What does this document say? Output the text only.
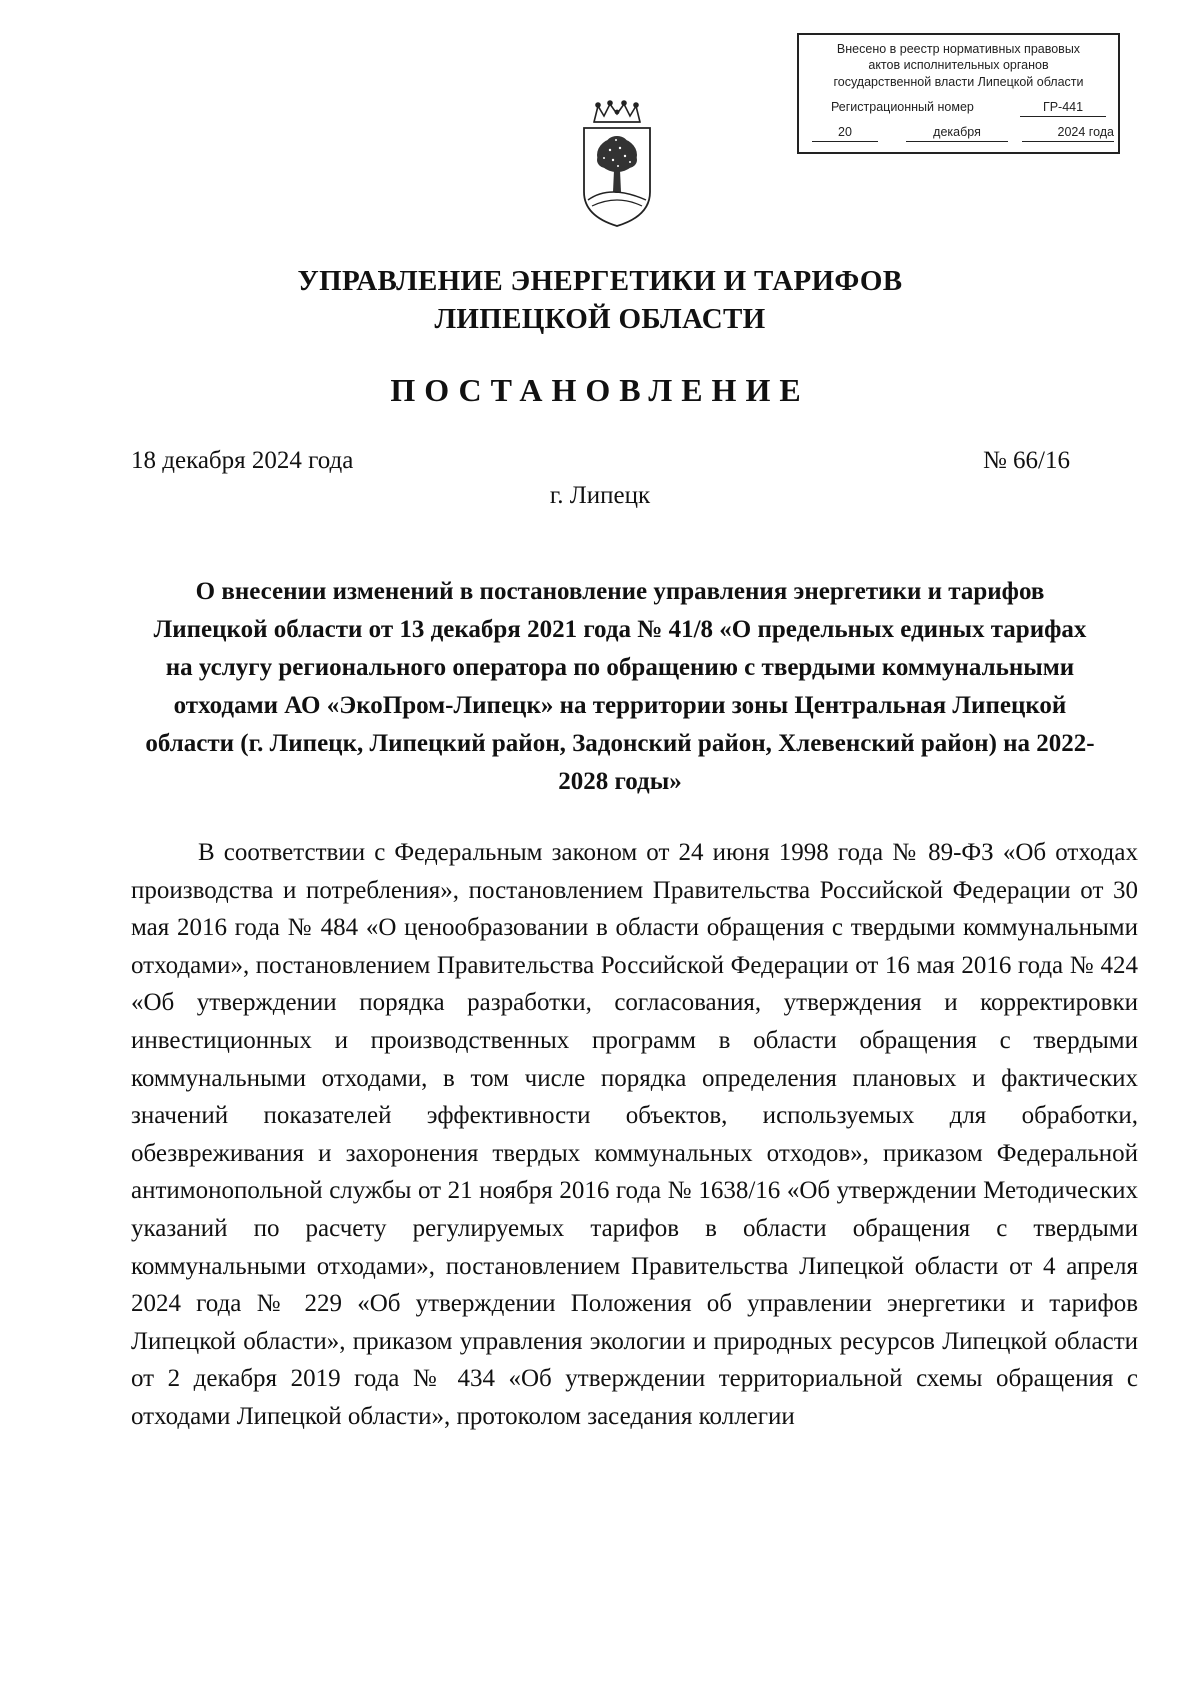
Внесено в реестр нормативных правовых
актов исполнительных органов
государственной власти Липецкой области
Регистрационный номер	ГР-441
20	декабря	2024 года
УПРАВЛЕНИЕ ЭНЕРГЕТИКИ И ТАРИФОВ
ЛИПЕЦКОЙ ОБЛАСТИ
ПОСТАНОВЛЕНИЕ
18 декабря 2024 года	№ 66/16
г. Липецк
О внесении изменений в постановление управления энергетики и тарифов Липецкой области от 13 декабря 2021 года № 41/8 «О предельных единых тарифах на услугу регионального оператора по обращению с твердыми коммунальными отходами АО «ЭкоПром-Липецк» на территории зоны Центральная Липецкой области (г. Липецк, Липецкий район, Задонский район, Хлевенский район) на 2022-2028 годы»

В соответствии с Федеральным законом от 24 июня 1998 года № 89-ФЗ «Об отходах производства и потребления», постановлением Правительства Российской Федерации от 30 мая 2016 года № 484 «О ценообразовании в области обращения с твердыми коммунальными отходами», постановлением Правительства Российской Федерации от 16 мая 2016 года № 424 «Об утверждении порядка разработки, согласования, утверждения и корректировки инвестиционных и производственных программ в области обращения с твердыми коммунальными отходами, в том числе порядка определения плановых и фактических значений показателей эффективности объектов, используемых для обработки, обезвреживания и захоронения твердых коммунальных отходов», приказом Федеральной антимонопольной службы от 21 ноября 2016 года № 1638/16 «Об утверждении Методических указаний по расчету регулируемых тарифов в области обращения с твердыми коммунальными отходами», постановлением Правительства Липецкой области от 4 апреля 2024 года № 229 «Об утверждении Положения об управлении энергетики и тарифов Липецкой области», приказом управления экологии и природных ресурсов Липецкой области от 2 декабря 2019 года № 434 «Об утверждении территориальной схемы обращения с отходами Липецкой области», протоколом заседания коллегии
